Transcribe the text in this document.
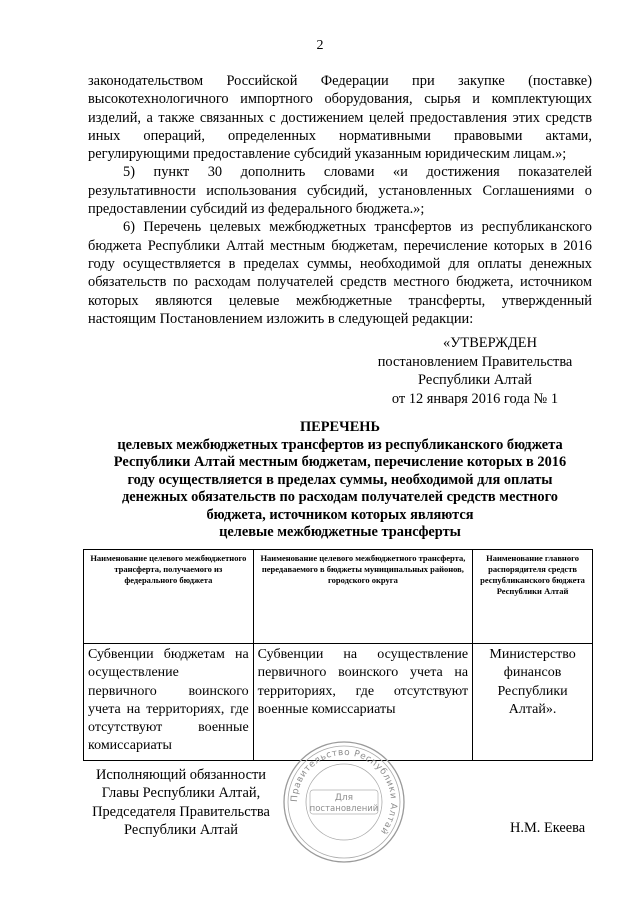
2

законодательством Российской Федерации при закупке (поставке) высокотехнологичного импортного оборудования, сырья и комплектующих изделий, а также связанных с достижением целей предоставления этих средств иных операций, определенных нормативными правовыми актами, регулирующими предоставление субсидий указанным юридическим лицам.»;

5) пункт 30 дополнить словами «и достижения показателей результативности использования субсидий, установленных Соглашениями о предоставлении субсидий из федерального бюджета.»;

6) Перечень целевых межбюджетных трансфертов из республиканского бюджета Республики Алтай местным бюджетам, перечисление которых в 2016 году осуществляется в пределах суммы, необходимой для оплаты денежных обязательств по расходам получателей средств местного бюджета, источником которых являются целевые межбюджетные трансферты, утвержденный настоящим Постановлением изложить в следующей редакции:

«УТВЕРЖДЕН
постановлением Правительства
Республики Алтай
от 12 января 2016 года № 1
ПЕРЕЧЕНЬ
целевых межбюджетных трансфертов из республиканского бюджета
Республики Алтай местным бюджетам, перечисление которых в 2016
году осуществляется в пределах суммы, необходимой для оплаты
денежных обязательств по расходам получателей средств местного
бюджета, источником которых являются
целевые межбюджетные трансферты
Наименование целевого межбюджетного трансферта, получаемого из федерального бюджета	Наименование целевого межбюджетного трансферта, передаваемого в бюджеты муниципальных районов, городского округа	Наименование главного распорядителя средств республиканского бюджета Республики Алтай
Субвенции бюджетам на осуществление первичного воинского учета на территориях, где отсутствуют военные комиссариаты	Субвенции на осуществление первичного воинского учета на территориях, где отсутствуют военные комиссариаты	Министерство финансов Республики Алтай».
Исполняющий обязанности
Главы Республики Алтай,
Председателя Правительства
Республики Алтай	Н.М. Екеева
Правительство Республики Алтай
Для
постановлений
